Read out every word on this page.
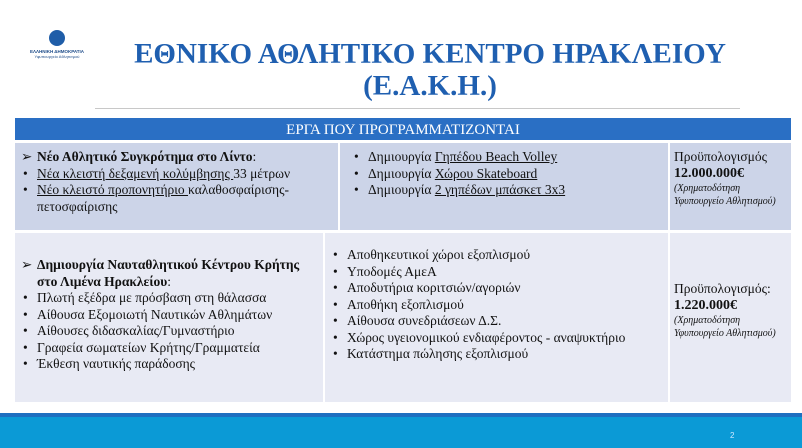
ΕΛΛΗΝΙΚΗ ΔΗΜΟΚΡΑΤΙΑ
Υφυπουργείο Αθλητισμού	ΕΘΝΙΚΟ ΑΘΛΗΤΙΚΟ ΚΕΝΤΡΟ ΗΡΑΚΛΕΙΟΥ
(Ε.Α.Κ.Η.)
ΕΡΓΑ ΠΟΥ ΠΡΟΓΡΑΜΜΑΤΙΖΟΝΤΑΙ
➢ Νέο Αθλητικό Συγκρότημα στο Λίντο:
• Νέα κλειστή δεξαμενή κολύμβησης 33 μέτρων
• Νέο κλειστό προπονητήριο καλαθοσφαίρισης-πετοσφαίρισης
• Δημιουργία Γηπέδου Beach Volley
• Δημιουργία Χώρου Skateboard
• Δημιουργία 2 γηπέδων μπάσκετ 3x3
Προϋπολογισμός
12.000.000€
(Χρηματοδότηση Υφυπουργείο Αθλητισμού)
➢ Δημιουργία Ναυταθλητικού Κέντρου Κρήτης στο Λιμένα Ηρακλείου:
• Πλωτή εξέδρα με πρόσβαση στη θάλασσα
• Αίθουσα Εξομοιωτή Ναυτικών Αθλημάτων
• Αίθουσες διδασκαλίας/Γυμναστήριο
• Γραφεία σωματείων Κρήτης/Γραμματεία
• Έκθεση ναυτικής παράδοσης
• Αποθηκευτικοί χώροι εξοπλισμού
• Υποδομές ΑμεΑ
• Αποδυτήρια κοριτσιών/αγοριών
• Αποθήκη εξοπλισμού
• Αίθουσα συνεδριάσεων Δ.Σ.
• Χώρος υγειονομικού ενδιαφέροντος - αναψυκτήριο
• Κατάστημα πώλησης εξοπλισμού
Προϋπολογισμός:
1.220.000€
(Χρηματοδότηση Υφυπουργείο Αθλητισμού)
2
